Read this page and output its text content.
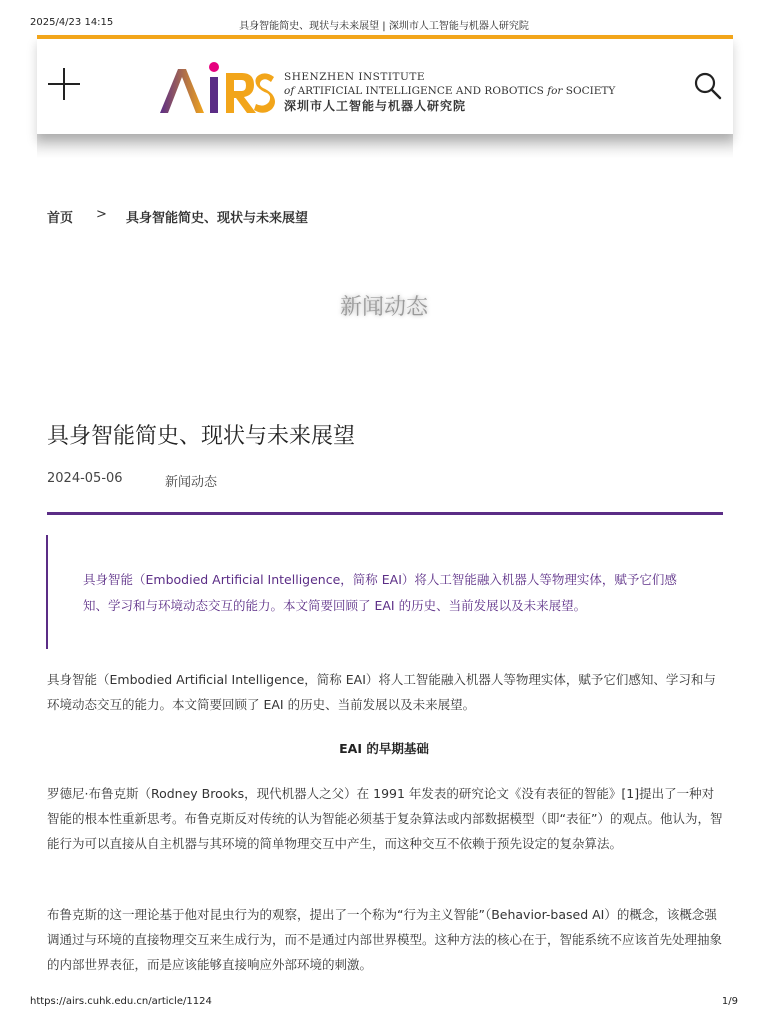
2025/4/23 14:15	具身智能简史、现状与未来展望 | 深圳市人工智能与机器人研究院
SHENZHEN INSTITUTE
of ARTIFICIAL INTELLIGENCE AND ROBOTICS for SOCIETY
深圳市人工智能与机器人研究院
首页 > 具身智能简史、现状与未来展望
新闻动态
具身智能简史、现状与未来展望
2024-05-06	新闻动态

具身智能（Embodied Artificial Intelligence，简称 EAI）将人工智能融入机器人等物理实体，赋予它们感知、学习和与环境动态交互的能力。本文简要回顾了 EAI 的历史、当前发展以及未来展望。

具身智能（Embodied Artificial Intelligence，简称 EAI）将人工智能融入机器人等物理实体，赋予它们感知、学习和与环境动态交互的能力。本文简要回顾了 EAI 的历史、当前发展以及未来展望。

EAI 的早期基础

罗德尼·布鲁克斯（Rodney Brooks，现代机器人之父）在 1991 年发表的研究论文《没有表征的智能》[1]提出了一种对智能的根本性重新思考。布鲁克斯反对传统的认为智能必须基于复杂算法或内部数据模型（即“表征”）的观点。他认为，智能行为可以直接从自主机器与其环境的简单物理交互中产生，而这种交互不依赖于预先设定的复杂算法。

布鲁克斯的这一理论基于他对昆虫行为的观察，提出了一个称为“行为主义智能”（Behavior-based AI）的概念，该概念强调通过与环境的直接物理交互来生成行为，而不是通过内部世界模型。这种方法的核心在于，智能系统不应该首先处理抽象的内部世界表征，而是应该能够直接响应外部环境的刺激。

https://airs.cuhk.edu.cn/article/1124	1/9
